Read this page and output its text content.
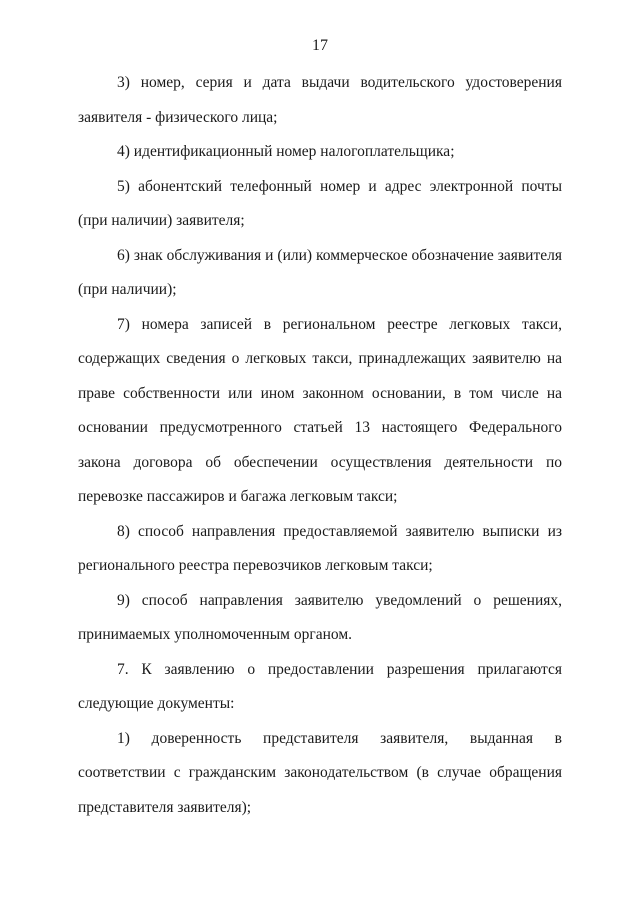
17

3) номер, серия и дата выдачи водительского удостоверения заявителя - физического лица;

4) идентификационный номер налогоплательщика;

5) абонентский телефонный номер и адрес электронной почты (при наличии) заявителя;

6) знак обслуживания и (или) коммерческое обозначение заявителя (при наличии);

7) номера записей в региональном реестре легковых такси, содержащих сведения о легковых такси, принадлежащих заявителю на праве собственности или ином законном основании, в том числе на основании предусмотренного статьей 13 настоящего Федерального закона договора об обеспечении осуществления деятельности по перевозке пассажиров и багажа легковым такси;

8) способ направления предоставляемой заявителю выписки из регионального реестра перевозчиков легковым такси;

9) способ направления заявителю уведомлений о решениях, принимаемых уполномоченным органом.

7. К заявлению о предоставлении разрешения прилагаются следующие документы:

1) доверенность представителя заявителя, выданная в соответствии с гражданским законодательством (в случае обращения представителя заявителя);
